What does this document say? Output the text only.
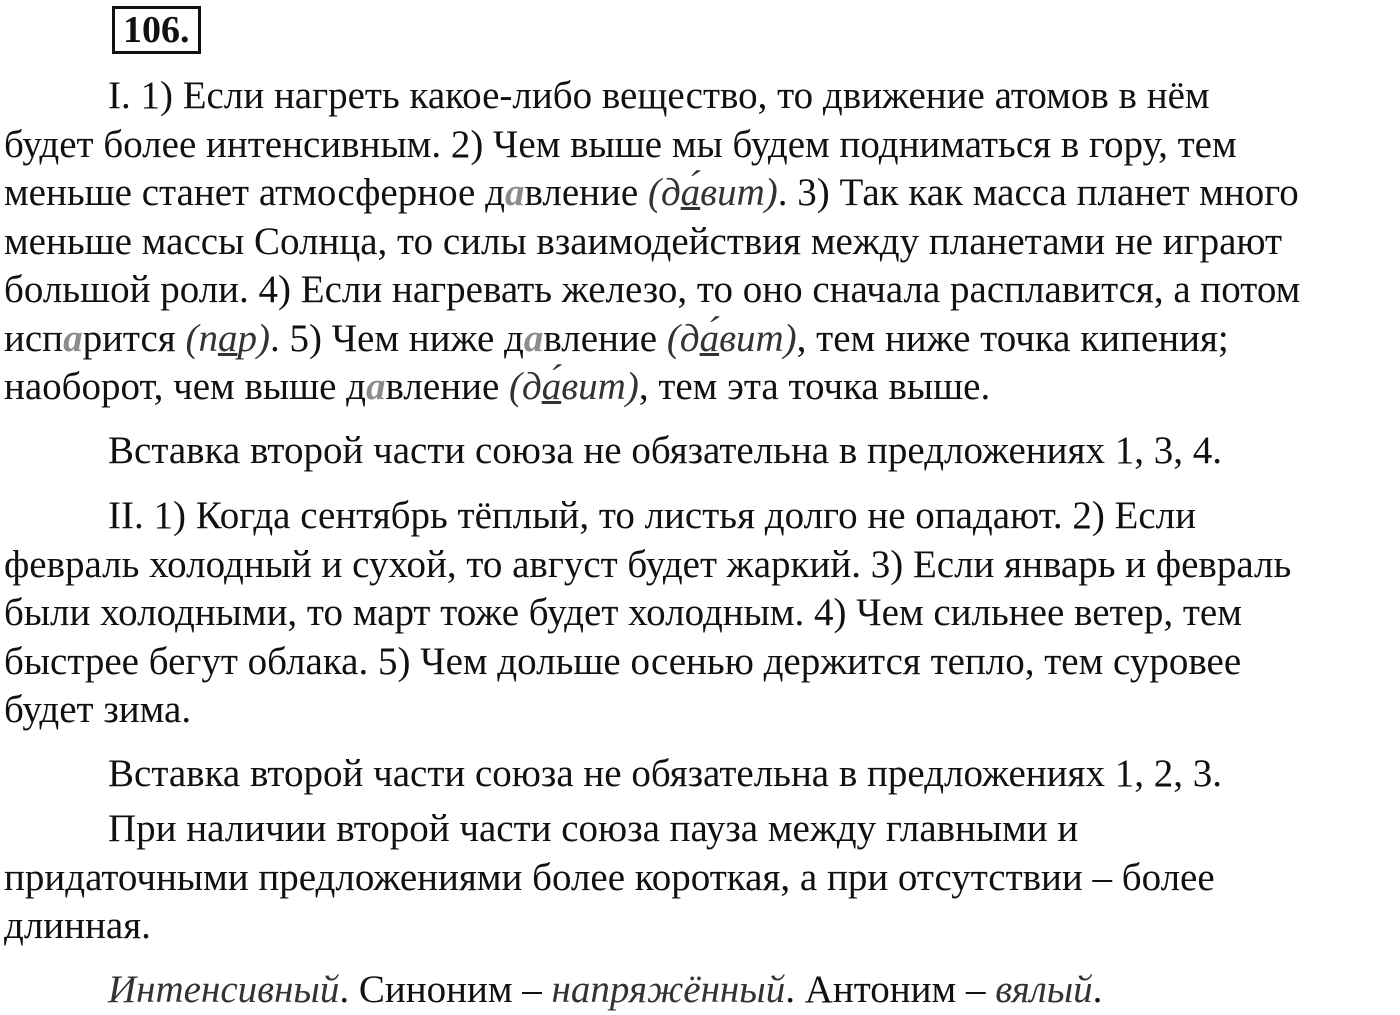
106.
I. 1) Если нагреть какое-либо вещество, то движение атомов в нём
будет более интенсивным. 2) Чем выше мы будем подниматься в гору, тем
меньше станет атмосферное давление (да́вит). 3) Так как масса планет много
меньше массы Солнца, то силы взаимодействия между планетами не играют
большой роли. 4) Если нагревать железо, то оно сначала расплавится, а потом
испарится (пар). 5) Чем ниже давление (да́вит), тем ниже точка кипения;
наоборот, чем выше давление (да́вит), тем эта точка выше.
Вставка второй части союза не обязательна в предложениях 1, 3, 4.
II. 1) Когда сентябрь тёплый, то листья долго не опадают. 2) Если
февраль холодный и сухой, то август будет жаркий. 3) Если январь и февраль
были холодными, то март тоже будет холодным. 4) Чем сильнее ветер, тем
быстрее бегут облака. 5) Чем дольше осенью держится тепло, тем суровее
будет зима.
Вставка второй части союза не обязательна в предложениях 1, 2, 3.
При наличии второй части союза пауза между главными и
придаточными предложениями более короткая, а при отсутствии – более
длинная.
Интенсивный. Синоним – напряжённый. Антоним – вялый.
